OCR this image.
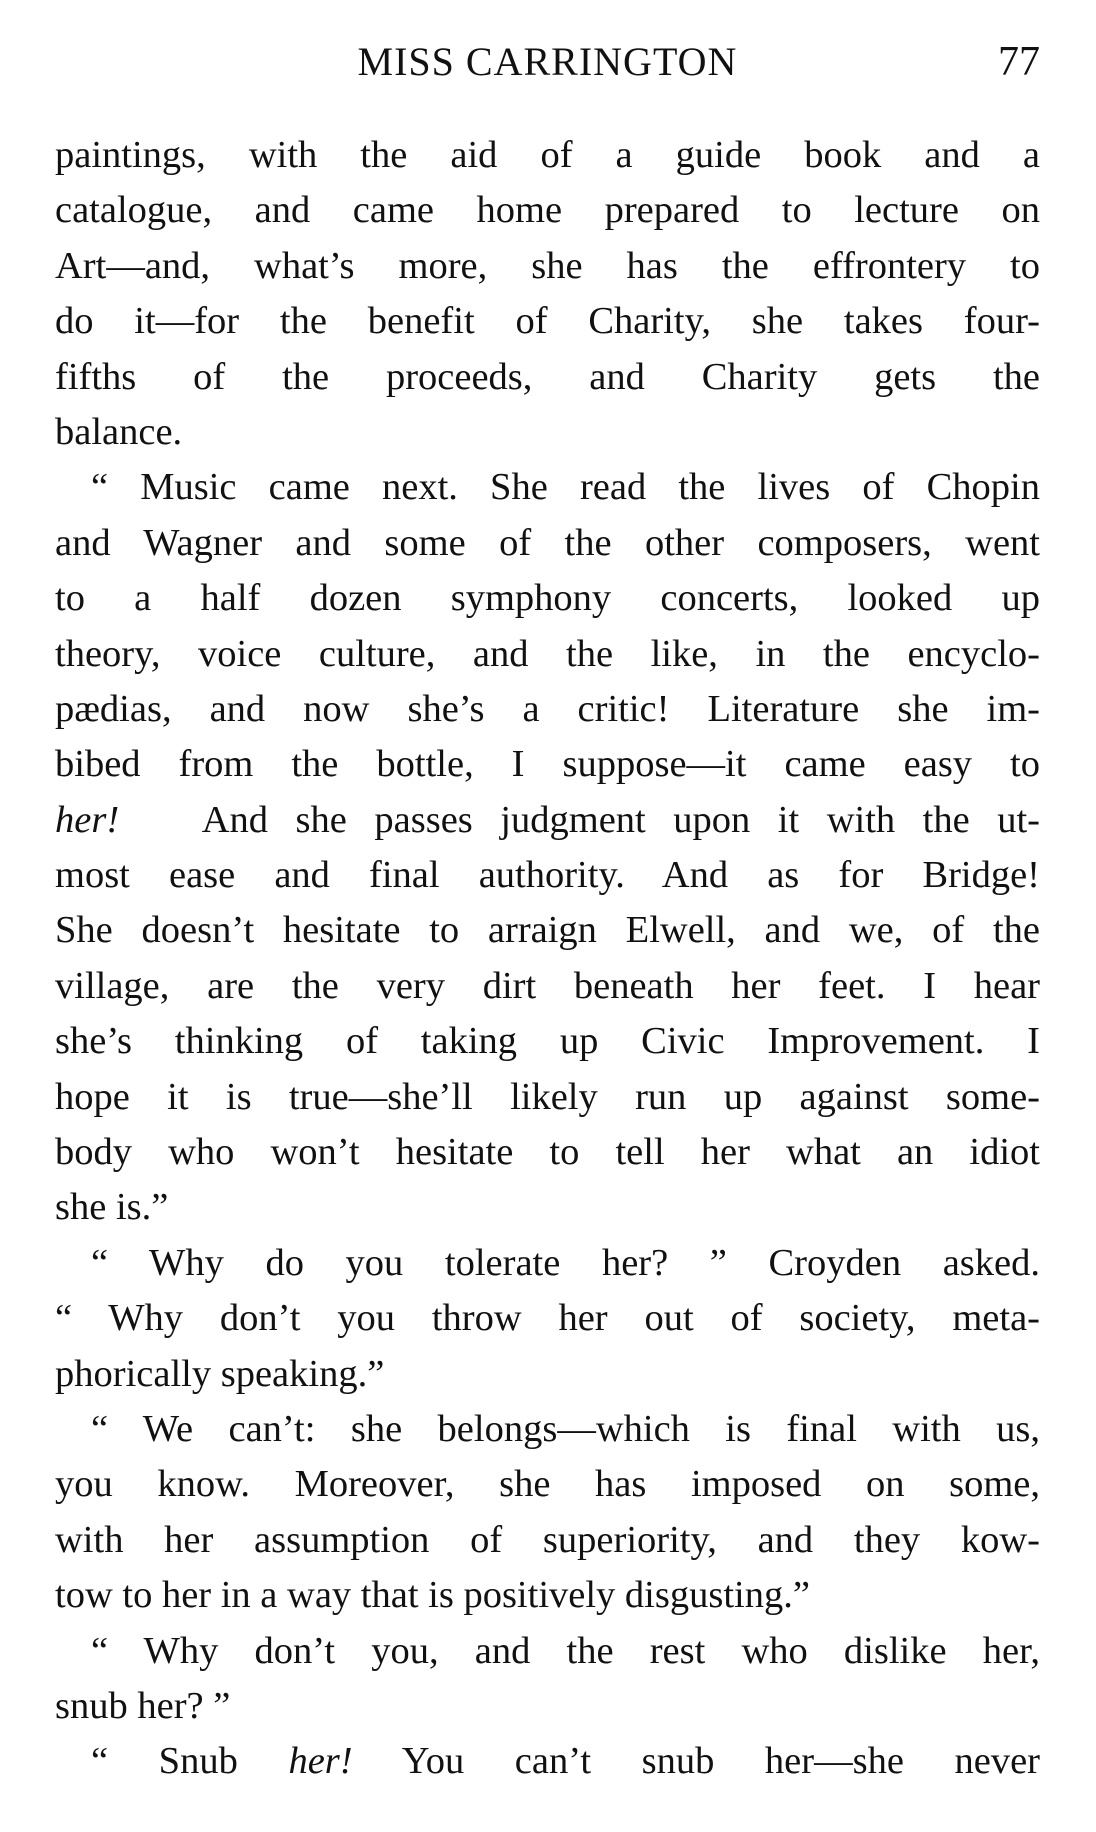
MISS CARRINGTON	77
paintings, with the aid of a guide book and a
catalogue, and came home prepared to lecture on
Art—and, what’s more, she has the effrontery to
do it—for the benefit of Charity, she takes four-
fifths of the proceeds, and Charity gets the
balance.
“ Music came next. She read the lives of Chopin
and Wagner and some of the other composers, went
to a half dozen symphony concerts, looked up
theory, voice culture, and the like, in the encyclo-
pædias, and now she’s a critic! Literature she im-
bibed from the bottle, I suppose—it came easy to
her! And she passes judgment upon it with the ut-
most ease and final authority. And as for Bridge!
She doesn’t hesitate to arraign Elwell, and we, of the
village, are the very dirt beneath her feet. I hear
she’s thinking of taking up Civic Improvement. I
hope it is true—she’ll likely run up against some-
body who won’t hesitate to tell her what an idiot
she is.”
“ Why do you tolerate her? ” Croyden asked.
“ Why don’t you throw her out of society, meta-
phorically speaking.”
“ We can’t: she belongs—which is final with us,
you know. Moreover, she has imposed on some,
with her assumption of superiority, and they kow-
tow to her in a way that is positively disgusting.”
“ Why don’t you, and the rest who dislike her,
snub her? ”
“ Snub her! You can’t snub her—she never
